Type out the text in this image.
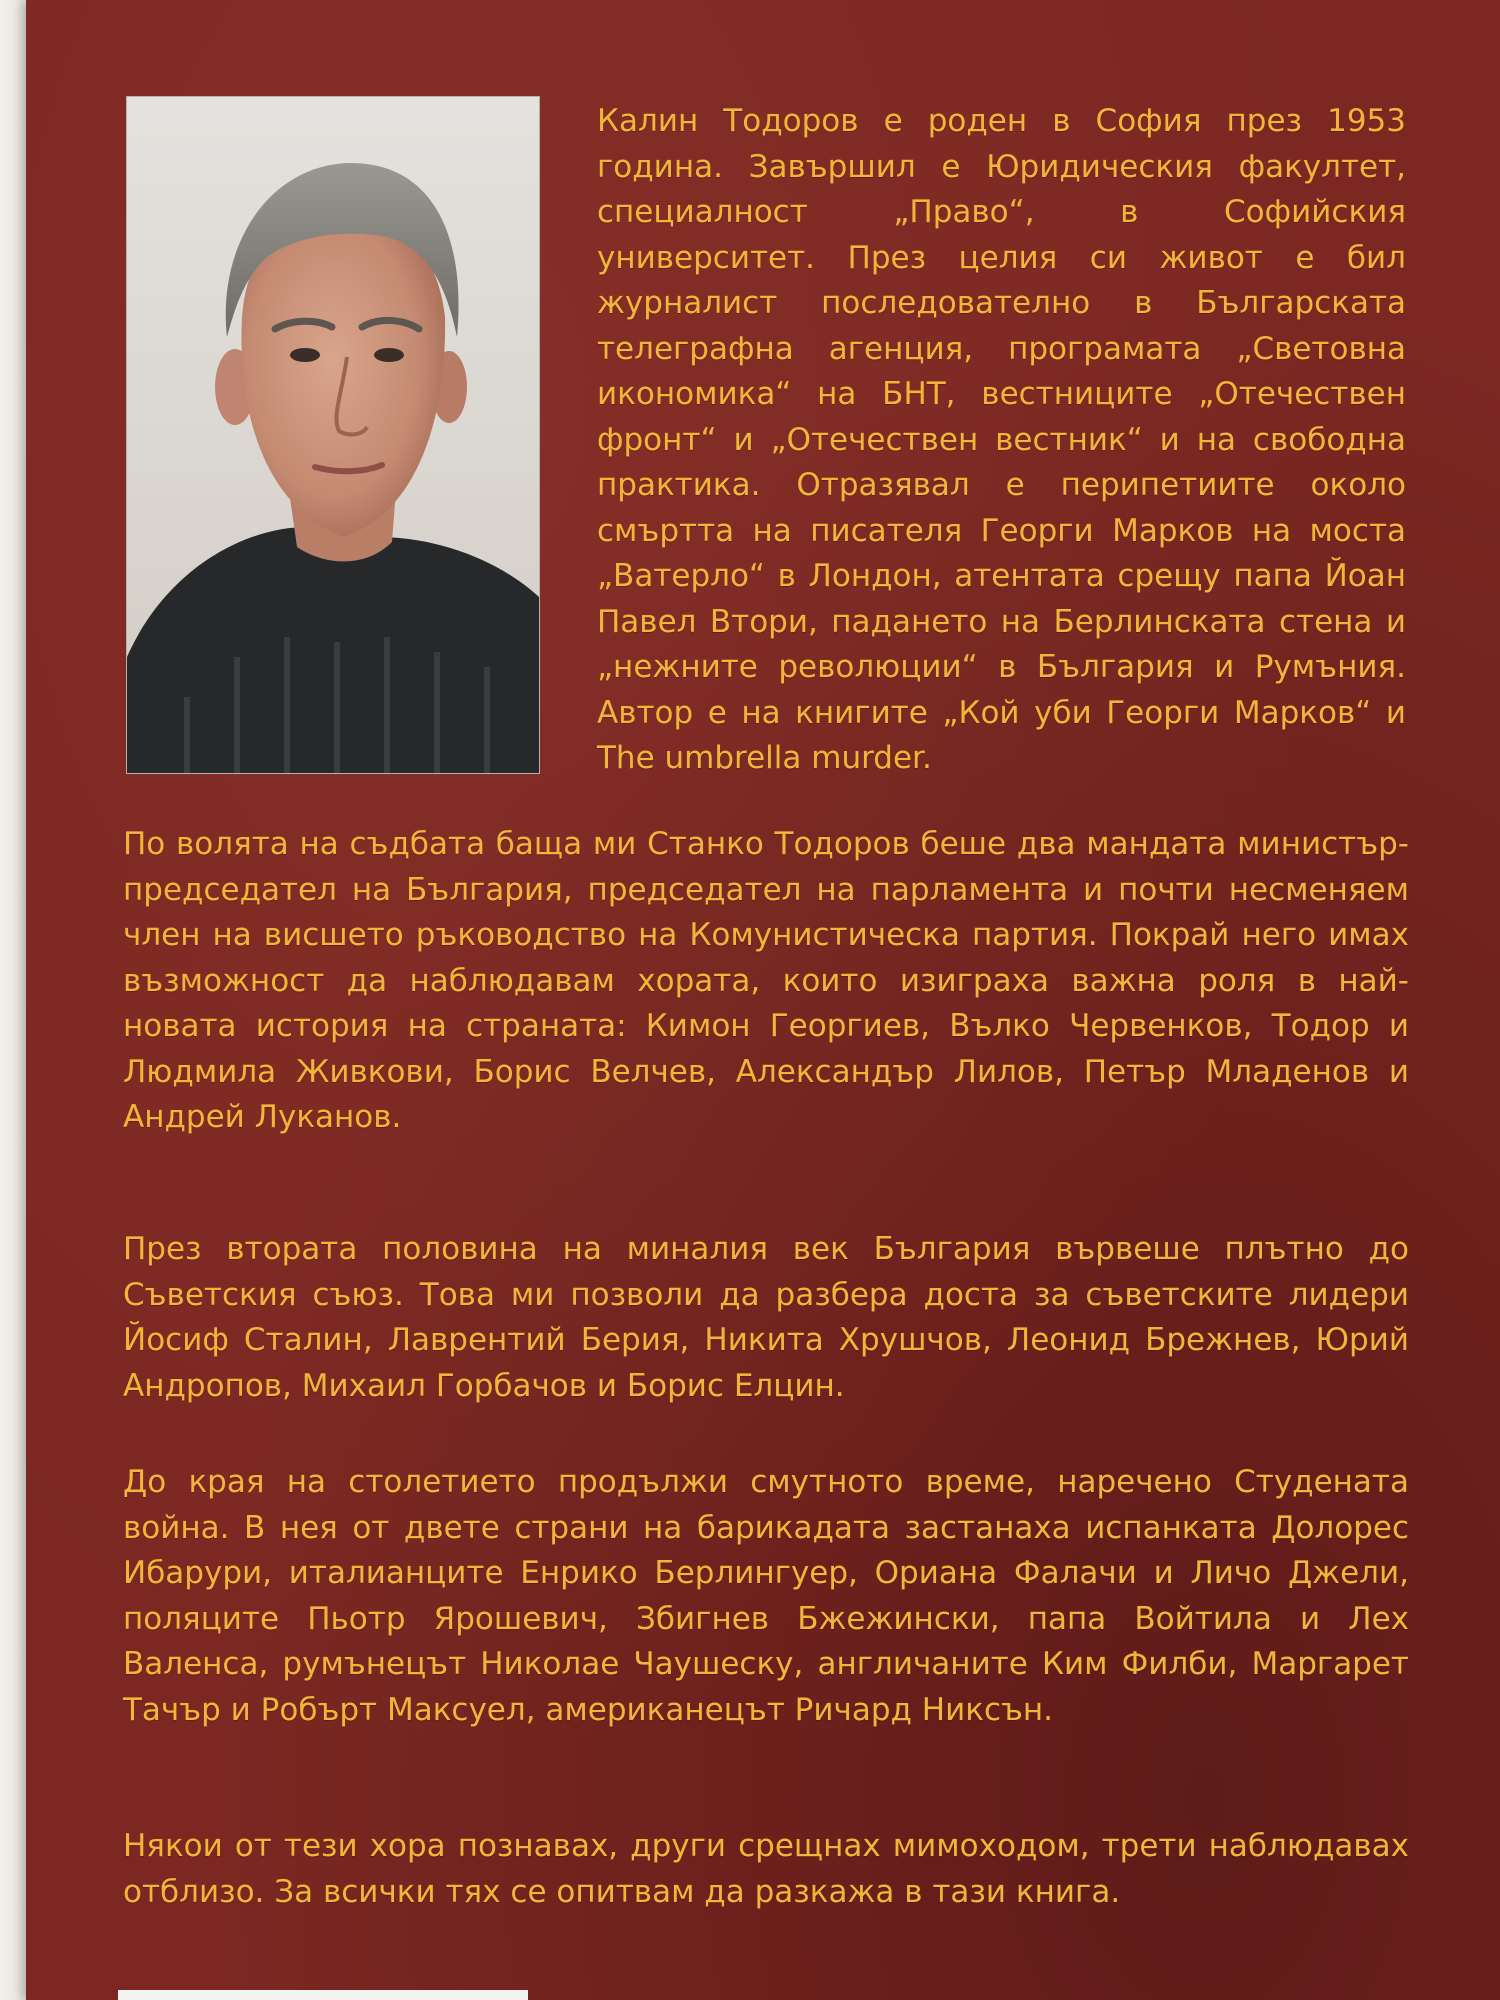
Калин Тодоров е роден в София през 1953 година. Завършил е Юридическия факултет, специалност „Право“, в Софийския университет. През целия си живот е бил журналист последователно в Българската телеграфна агенция, програмата „Световна икономика“ на БНТ, вестниците „Отечествен фронт“ и „Отечествен вестник“ и на свободна практика. Отразявал е перипетиите около смъртта на писателя Георги Марков на моста „Ватерло“ в Лондон, атентата срещу папа Йоан Павел Втори, падането на Берлинската стена и „нежните революции“ в България и Румъния. Автор е на книгите „Кой уби Георги Марков“ и The umbrella murder.

По волята на съдбата баща ми Станко Тодоров беше два мандата министър-председател на България, председател на парламента и почти несменяем член на висшето ръководство на Комунистическа партия. Покрай него имах възможност да наблюдавам хората, които изиграха важна роля в най-новата история на страната: Кимон Георгиев, Вълко Червенков, Тодор и Людмила Живкови, Борис Велчев, Александър Лилов, Петър Младенов и Андрей Луканов.

През втората половина на миналия век България вървеше плътно до Съветския съюз. Това ми позволи да разбера доста за съветските лидери Йосиф Сталин, Лаврентий Берия, Никита Хрушчов, Леонид Брежнев, Юрий Андропов, Михаил Горбачов и Борис Елцин.

До края на столетието продължи смутното време, наречено Студената война. В нея от двете страни на барикадата застанаха испанката Долорес Ибарури, италианците Енрико Берлингуер, Ориана Фалачи и Личо Джели, поляците Пьотр Ярошевич, Збигнев Бжежински, папа Войтила и Лех Валенса, румънецът Николае Чаушеску, англичаните Ким Филби, Маргарет Тачър и Робърт Максуел, американецът Ричард Никсън.

Някои от тези хора познавах, други срещнах мимоходом, трети наблюдавах отблизо. За всички тях се опитвам да разкажа в тази книга.
